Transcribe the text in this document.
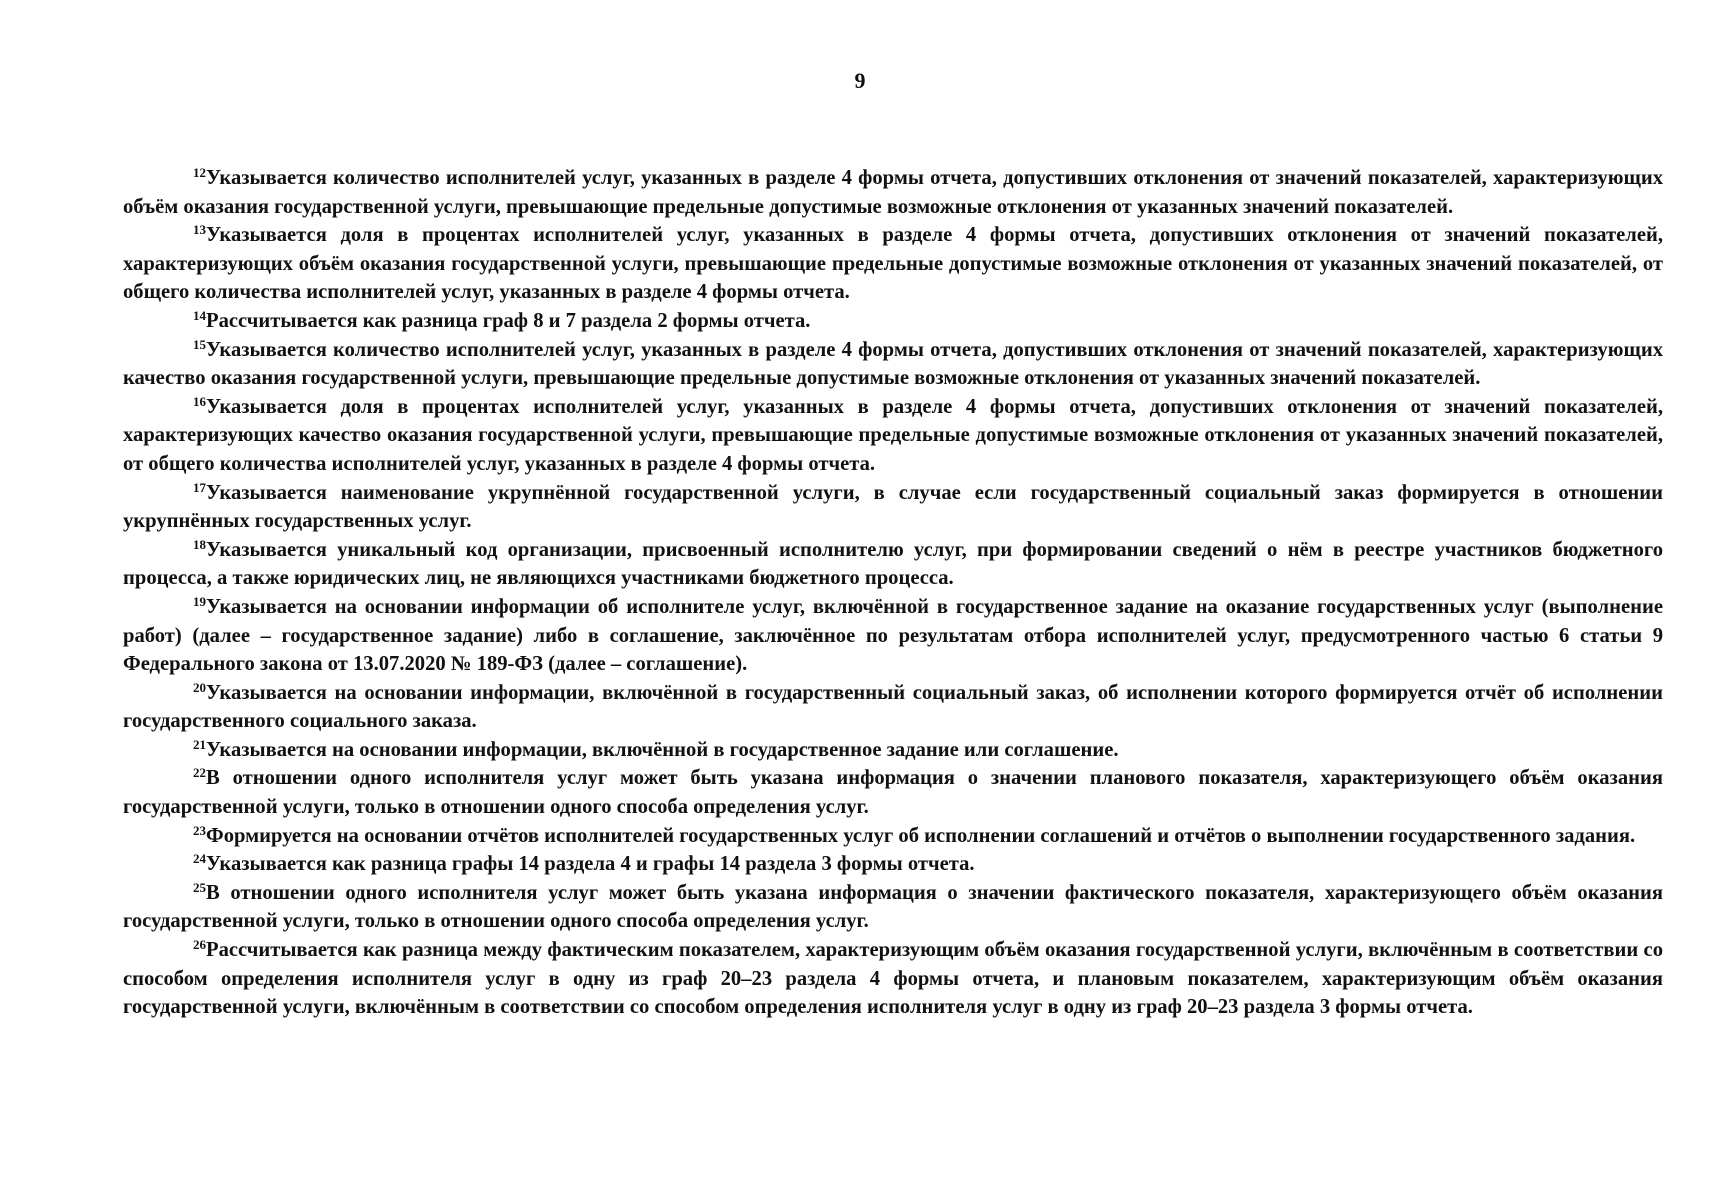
9

$^{12}$Указывается количество исполнителей услуг, указанных в разделе 4 формы отчета, допустивших отклонения от значений показателей, характеризующих объём оказания государственной услуги, превышающие предельные допустимые возможные отклонения от указанных значений показателей.

$^{13}$Указывается доля в процентах исполнителей услуг, указанных в разделе 4 формы отчета, допустивших отклонения от значений показателей, характеризующих объём оказания государственной услуги, превышающие предельные допустимые возможные отклонения от указанных значений показателей, от общего количества исполнителей услуг, указанных в разделе 4 формы отчета.

$^{14}$Рассчитывается как разница граф 8 и 7 раздела 2 формы отчета.

$^{15}$Указывается количество исполнителей услуг, указанных в разделе 4 формы отчета, допустивших отклонения от значений показателей, характеризующих качество оказания государственной услуги, превышающие предельные допустимые возможные отклонения от указанных значений показателей.

$^{16}$Указывается доля в процентах исполнителей услуг, указанных в разделе 4 формы отчета, допустивших отклонения от значений показателей, характеризующих качество оказания государственной услуги, превышающие предельные допустимые возможные отклонения от указанных значений показателей, от общего количества исполнителей услуг, указанных в разделе 4 формы отчета.

$^{17}$Указывается наименование укрупнённой государственной услуги, в случае если государственный социальный заказ формируется в отношении укрупнённых государственных услуг.

$^{18}$Указывается уникальный код организации, присвоенный исполнителю услуг, при формировании сведений о нём в реестре участников бюджетного процесса, а также юридических лиц, не являющихся участниками бюджетного процесса.

$^{19}$Указывается на основании информации об исполнителе услуг, включённой в государственное задание на оказание государственных услуг (выполнение работ) (далее – государственное задание) либо в соглашение, заключённое по результатам отбора исполнителей услуг, предусмотренного частью 6 статьи 9 Федерального закона от 13.07.2020 № 189-ФЗ (далее – соглашение).

$^{20}$Указывается на основании информации, включённой в государственный социальный заказ, об исполнении которого формируется отчёт об исполнении государственного социального заказа.

$^{21}$Указывается на основании информации, включённой в государственное задание или соглашение.

$^{22}$В отношении одного исполнителя услуг может быть указана информация о значении планового показателя, характеризующего объём оказания государственной услуги, только в отношении одного способа определения услуг.

$^{23}$Формируется на основании отчётов исполнителей государственных услуг об исполнении соглашений и отчётов о выполнении государственного задания.

$^{24}$Указывается как разница графы 14 раздела 4 и графы 14 раздела 3 формы отчета.

$^{25}$В отношении одного исполнителя услуг может быть указана информация о значении фактического показателя, характеризующего объём оказания государственной услуги, только в отношении одного способа определения услуг.

$^{26}$Рассчитывается как разница между фактическим показателем, характеризующим объём оказания государственной услуги, включённым в соответствии со способом определения исполнителя услуг в одну из граф 20–23 раздела 4 формы отчета, и плановым показателем, характеризующим объём оказания государственной услуги, включённым в соответствии со способом определения исполнителя услуг в одну из граф 20–23 раздела 3 формы отчета.
